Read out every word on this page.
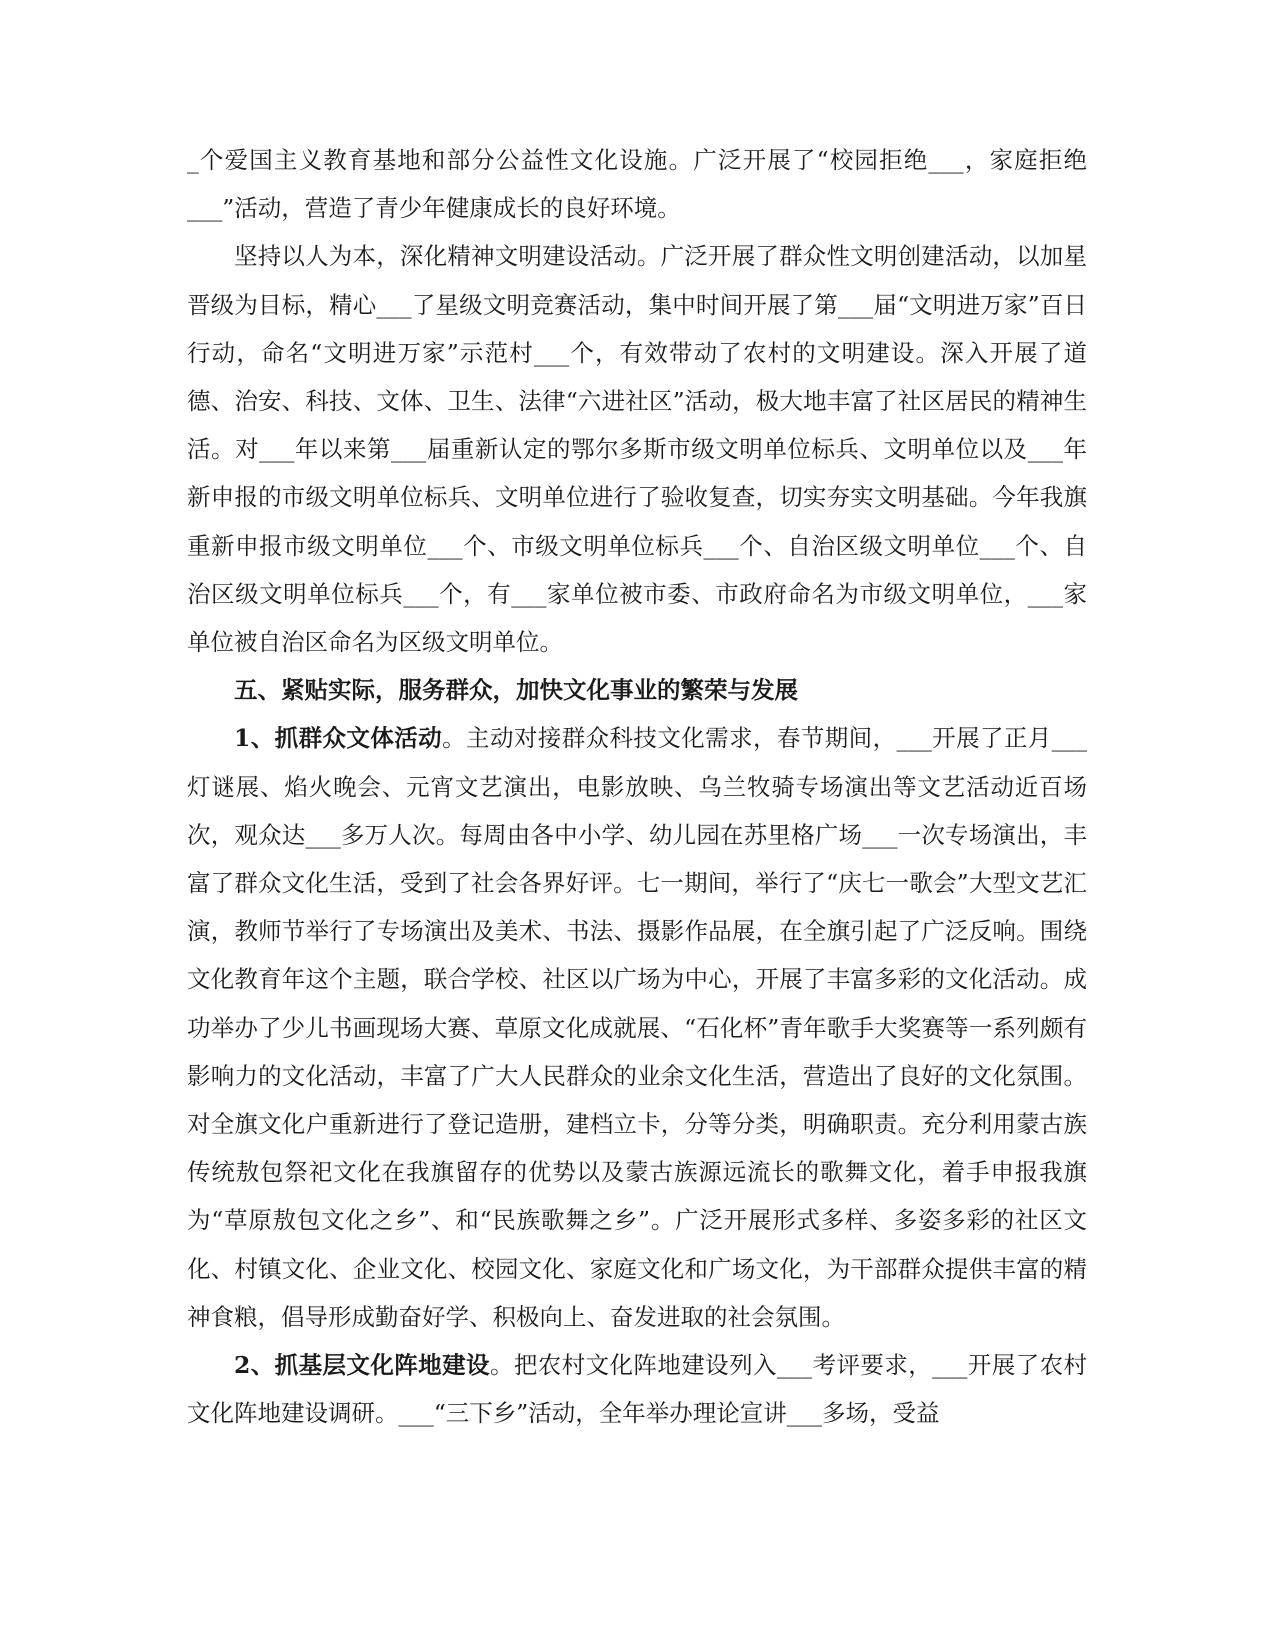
_个爱国主义教育基地和部分公益性文化设施。广泛开展了“校园拒绝___，家庭拒绝___”活动，营造了青少年健康成长的良好环境。

坚持以人为本，深化精神文明建设活动。广泛开展了群众性文明创建活动，以加星晋级为目标，精心___了星级文明竞赛活动，集中时间开展了第___届“文明进万家”百日行动，命名“文明进万家”示范村___个，有效带动了农村的文明建设。深入开展了道德、治安、科技、文体、卫生、法律“六进社区”活动，极大地丰富了社区居民的精神生活。对___年以来第___届重新认定的鄂尔多斯市级文明单位标兵、文明单位以及___年新申报的市级文明单位标兵、文明单位进行了验收复查，切实夯实文明基础。今年我旗重新申报市级文明单位___个、市级文明单位标兵___个、自治区级文明单位___个、自治区级文明单位标兵___个，有___家单位被市委、市政府命名为市级文明单位，___家单位被自治区命名为区级文明单位。

五、紧贴实际，服务群众，加快文化事业的繁荣与发展

1、抓群众文体活动。主动对接群众科技文化需求，春节期间，___开展了正月___灯谜展、焰火晚会、元宵文艺演出，电影放映、乌兰牧骑专场演出等文艺活动近百场次，观众达___多万人次。每周由各中小学、幼儿园在苏里格广场___一次专场演出，丰富了群众文化生活，受到了社会各界好评。七一期间，举行了“庆七一歌会”大型文艺汇演，教师节举行了专场演出及美术、书法、摄影作品展，在全旗引起了广泛反响。围绕文化教育年这个主题，联合学校、社区以广场为中心，开展了丰富多彩的文化活动。成功举办了少儿书画现场大赛、草原文化成就展、“石化杯”青年歌手大奖赛等一系列颇有影响力的文化活动，丰富了广大人民群众的业余文化生活，营造出了良好的文化氛围。对全旗文化户重新进行了登记造册，建档立卡，分等分类，明确职责。充分利用蒙古族传统敖包祭祀文化在我旗留存的优势以及蒙古族源远流长的歌舞文化，着手申报我旗为“草原敖包文化之乡”、和“民族歌舞之乡”。广泛开展形式多样、多姿多彩的社区文化、村镇文化、企业文化、校园文化、家庭文化和广场文化，为干部群众提供丰富的精神食粮，倡导形成勤奋好学、积极向上、奋发进取的社会氛围。

2、抓基层文化阵地建设。把农村文化阵地建设列入___考评要求，___开展了农村文化阵地建设调研。___“三下乡”活动，全年举办理论宣讲___多场，受益
